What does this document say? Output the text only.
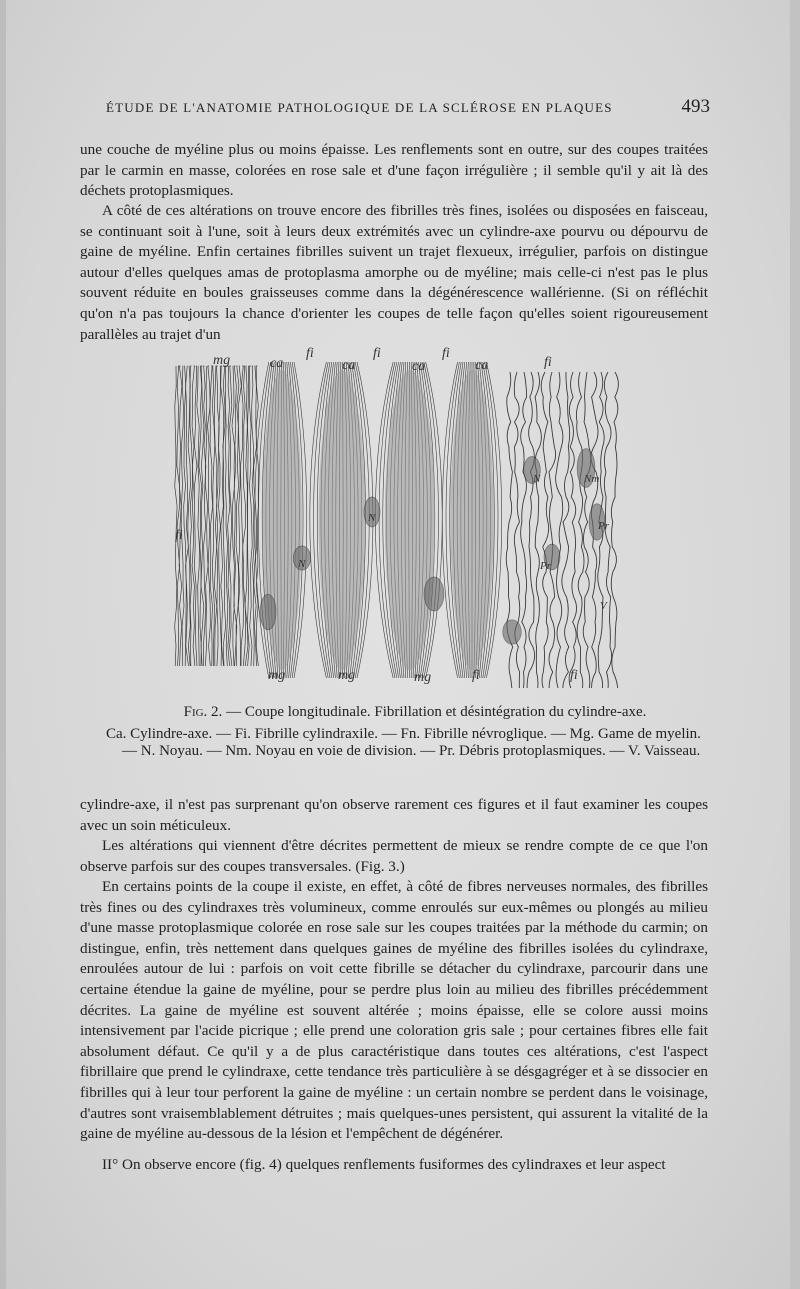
ÉTUDE DE L'ANATOMIE PATHOLOGIQUE DE LA SCLÉROSE EN PLAQUES	493

une couche de myéline plus ou moins épaisse. Les renflements sont en outre, sur des coupes traitées par le carmin en masse, colorées en rose sale et d'une façon irrégulière ; il semble qu'il y ait là des déchets protoplasmiques.

A côté de ces altérations on trouve encore des fibrilles très fines, isolées ou disposées en faisceau, se continuant soit à l'une, soit à leurs deux extrémités avec un cylindre-axe pourvu ou dépourvu de gaine de myéline. Enfin certaines fibrilles suivent un trajet flexueux, irrégulier, parfois on distingue autour d'elles quelques amas de protoplasma amorphe ou de myéline; mais celle-ci n'est pas le plus souvent réduite en boules graisseuses comme dans la dégénérescence wallérienne. (Si on réfléchit qu'on n'a pas toujours la chance d'orienter les coupes de telle façon qu'elles soient rigoureusement parallèles au trajet d'un

mg	ca
fi
ca
fi
ca
fi
ca	fi
fi
N
N
N	Nm
Pr
Pr
V
mg	mg	mg	fi	fi
Fig. 2. — Coupe longitudinale. Fibrillation et désintégration du cylindre-axe.
Ca. Cylindre-axe. — Fi. Fibrille cylindraxile. — Fn. Fibrille névroglique. — Mg. Game de myelin. — N. Noyau. — Nm. Noyau en voie de division. — Pr. Débris protoplasmiques. — V. Vaisseau.

cylindre-axe, il n'est pas surprenant qu'on observe rarement ces figures et il faut examiner les coupes avec un soin méticuleux.

Les altérations qui viennent d'être décrites permettent de mieux se rendre compte de ce que l'on observe parfois sur des coupes transversales. (Fig. 3.)

En certains points de la coupe il existe, en effet, à côté de fibres nerveuses normales, des fibrilles très fines ou des cylindraxes très volumineux, comme enroulés sur eux-mêmes ou plongés au milieu d'une masse protoplasmique colorée en rose sale sur les coupes traitées par la méthode du carmin; on distingue, enfin, très nettement dans quelques gaines de myéline des fibrilles isolées du cylindraxe, enroulées autour de lui : parfois on voit cette fibrille se détacher du cylindraxe, parcourir dans une certaine étendue la gaine de myéline, pour se perdre plus loin au milieu des fibrilles précédemment décrites. La gaine de myéline est souvent altérée ; moins épaisse, elle se colore aussi moins intensivement par l'acide picrique ; elle prend une coloration gris sale ; pour certaines fibres elle fait absolument défaut. Ce qu'il y a de plus caractéristique dans toutes ces altérations, c'est l'aspect fibrillaire que prend le cylindraxe, cette tendance très particulière à se désgagréger et à se dissocier en fibrilles qui à leur tour perforent la gaine de myéline : un certain nombre se perdent dans le voisinage, d'autres sont vraisemblablement détruites ; mais quelques-unes persistent, qui assurent la vitalité de la gaine de myéline au-dessous de la lésion et l'empêchent de dégénérer.

II° On observe encore (fig. 4) quelques renflements fusiformes des cylindraxes et leur aspect
